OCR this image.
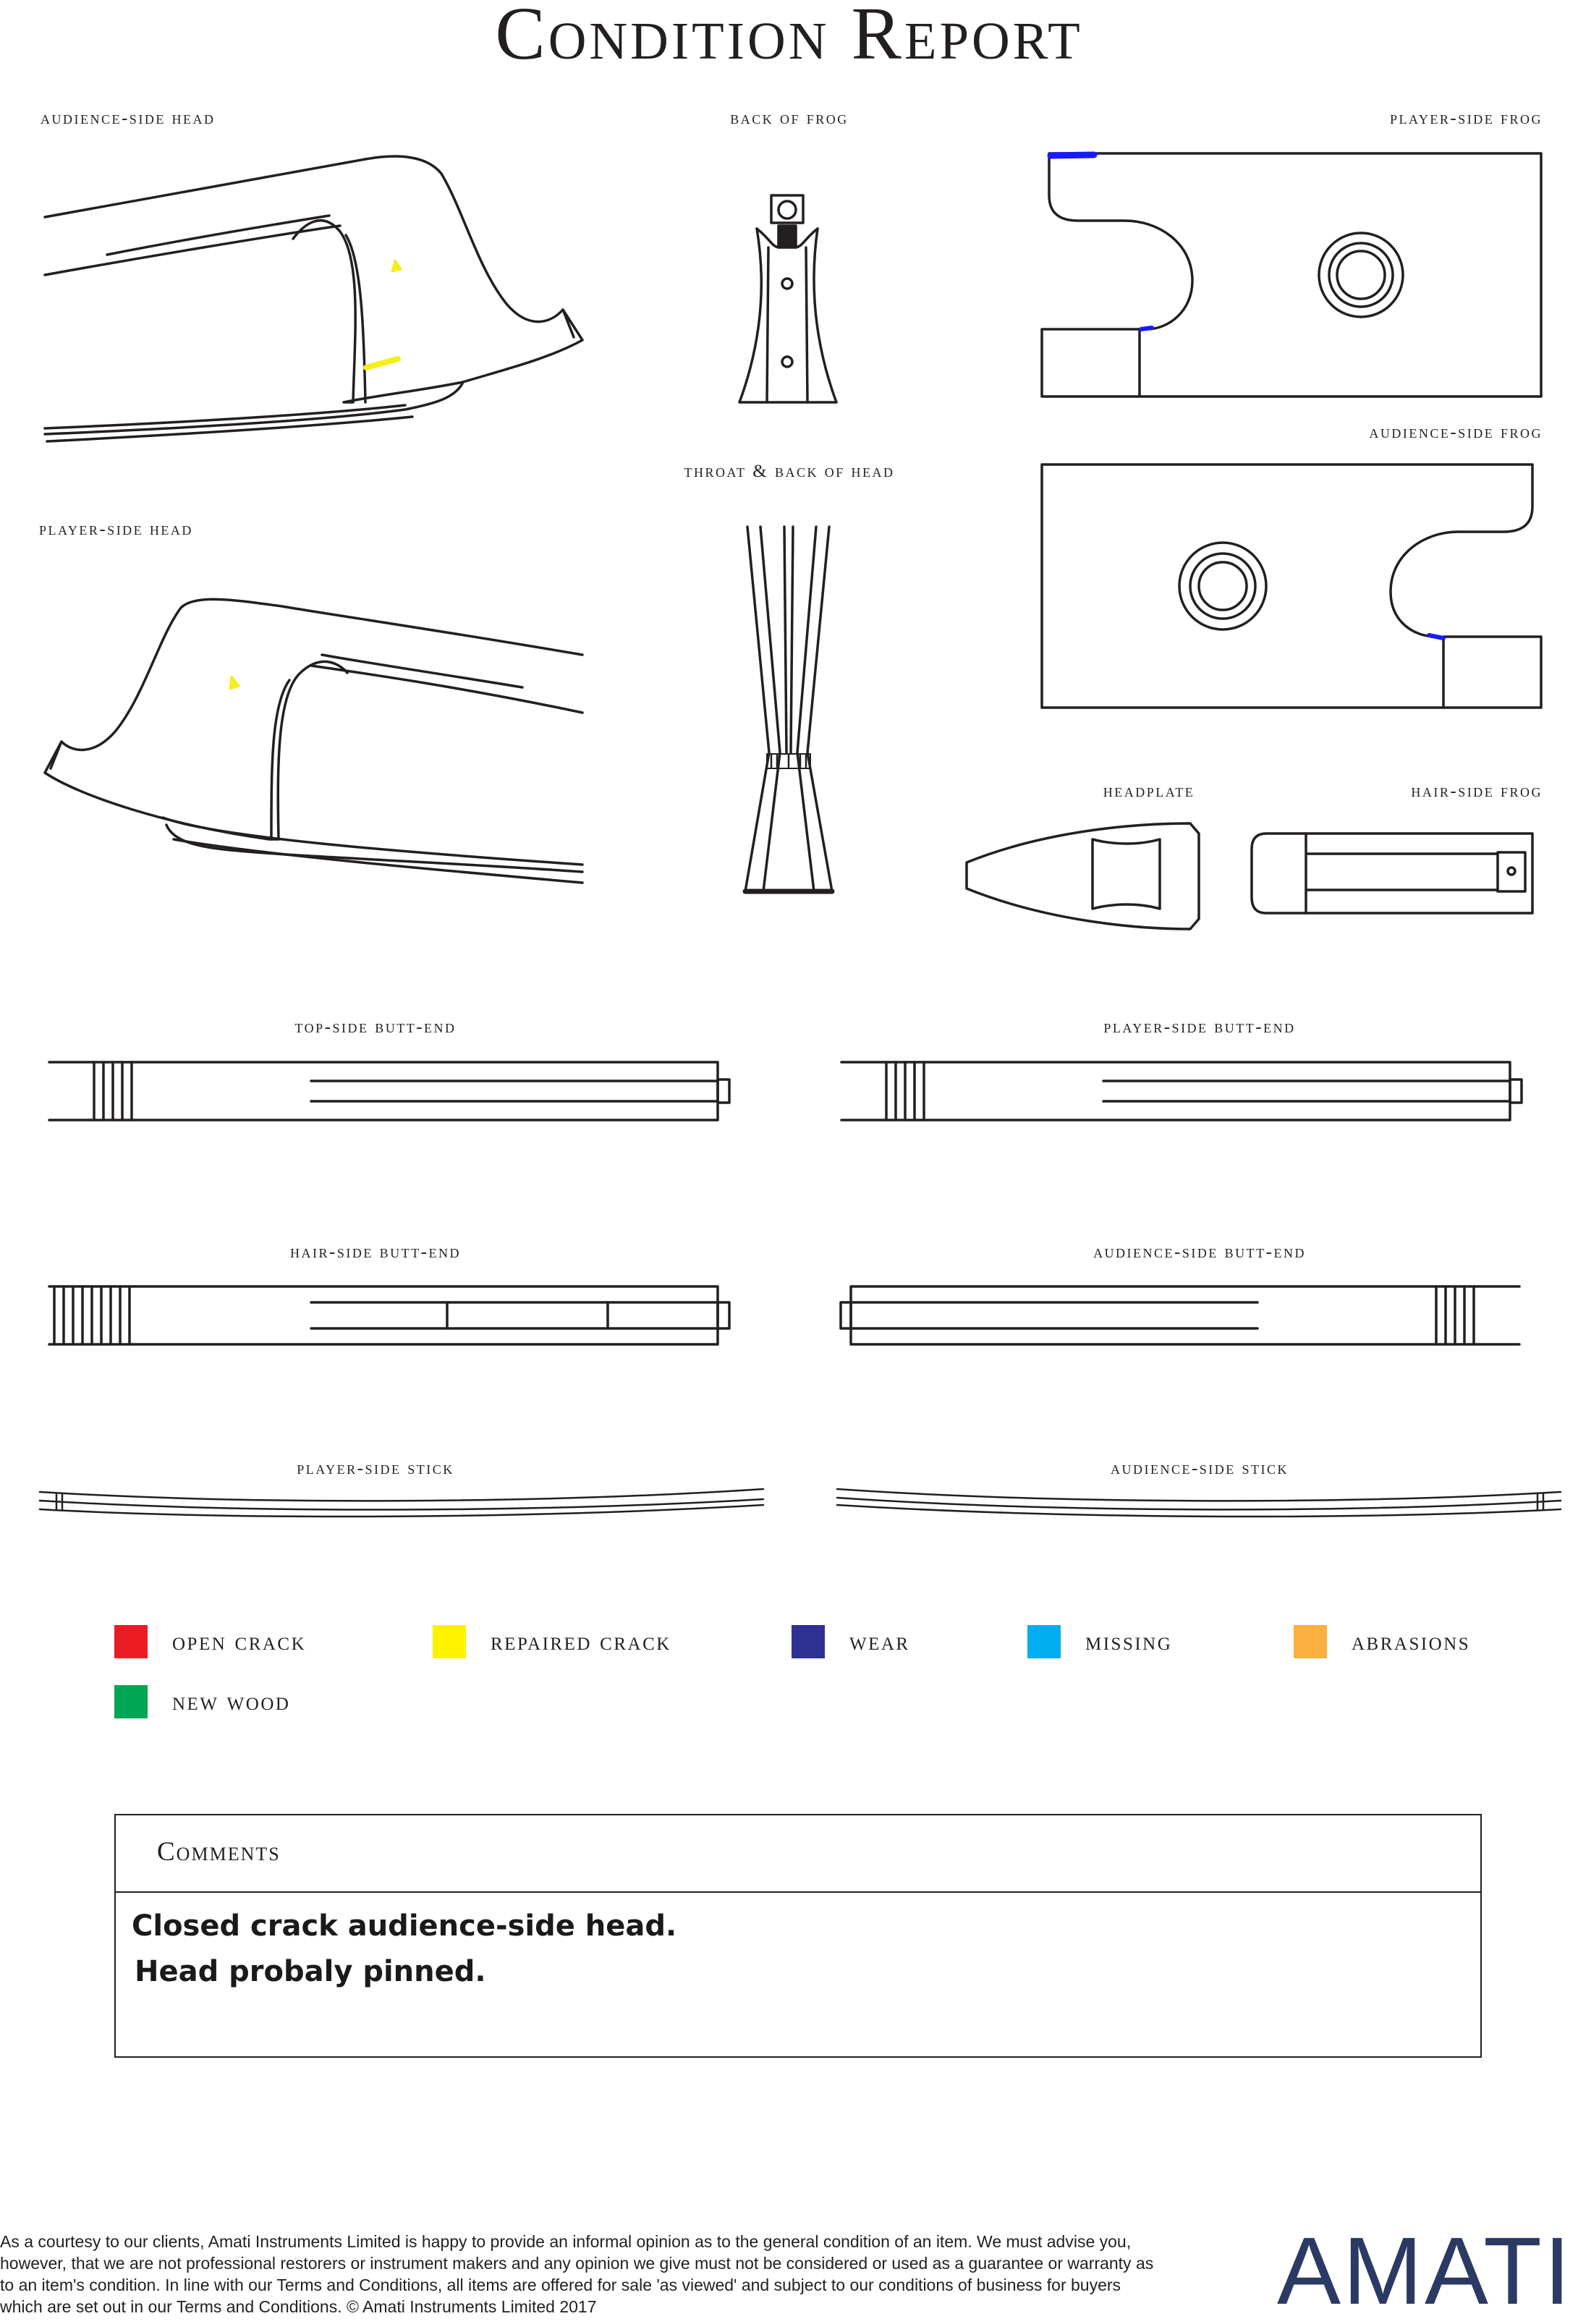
Condition Report
audience-side head	back of frog	player-side frog
audience-side frog
throat & back of head
player-side head
headplate	hair-side frog
top-side butt-end	player-side butt-end
hair-side butt-end	audience-side butt-end
player-side stick	audience-side stick
open crack	repaired crack	wear	missing	abrasions
new wood
Comments
Closed crack audience-side head.
Head probaly pinned.

As a courtesy to our clients, Amati Instruments Limited is happy to provide an informal opinion as to the general condition of an item. We must advise you, however, that we are not professional restorers or instrument makers and any opinion we give must not be considered or used as a guarantee or warranty as to an item's condition. In line with our Terms and Conditions, all items are offered for sale 'as viewed' and subject to our conditions of business for buyers which are set out in our Terms and Conditions. © Amati Instruments Limited 2017	AMATI
